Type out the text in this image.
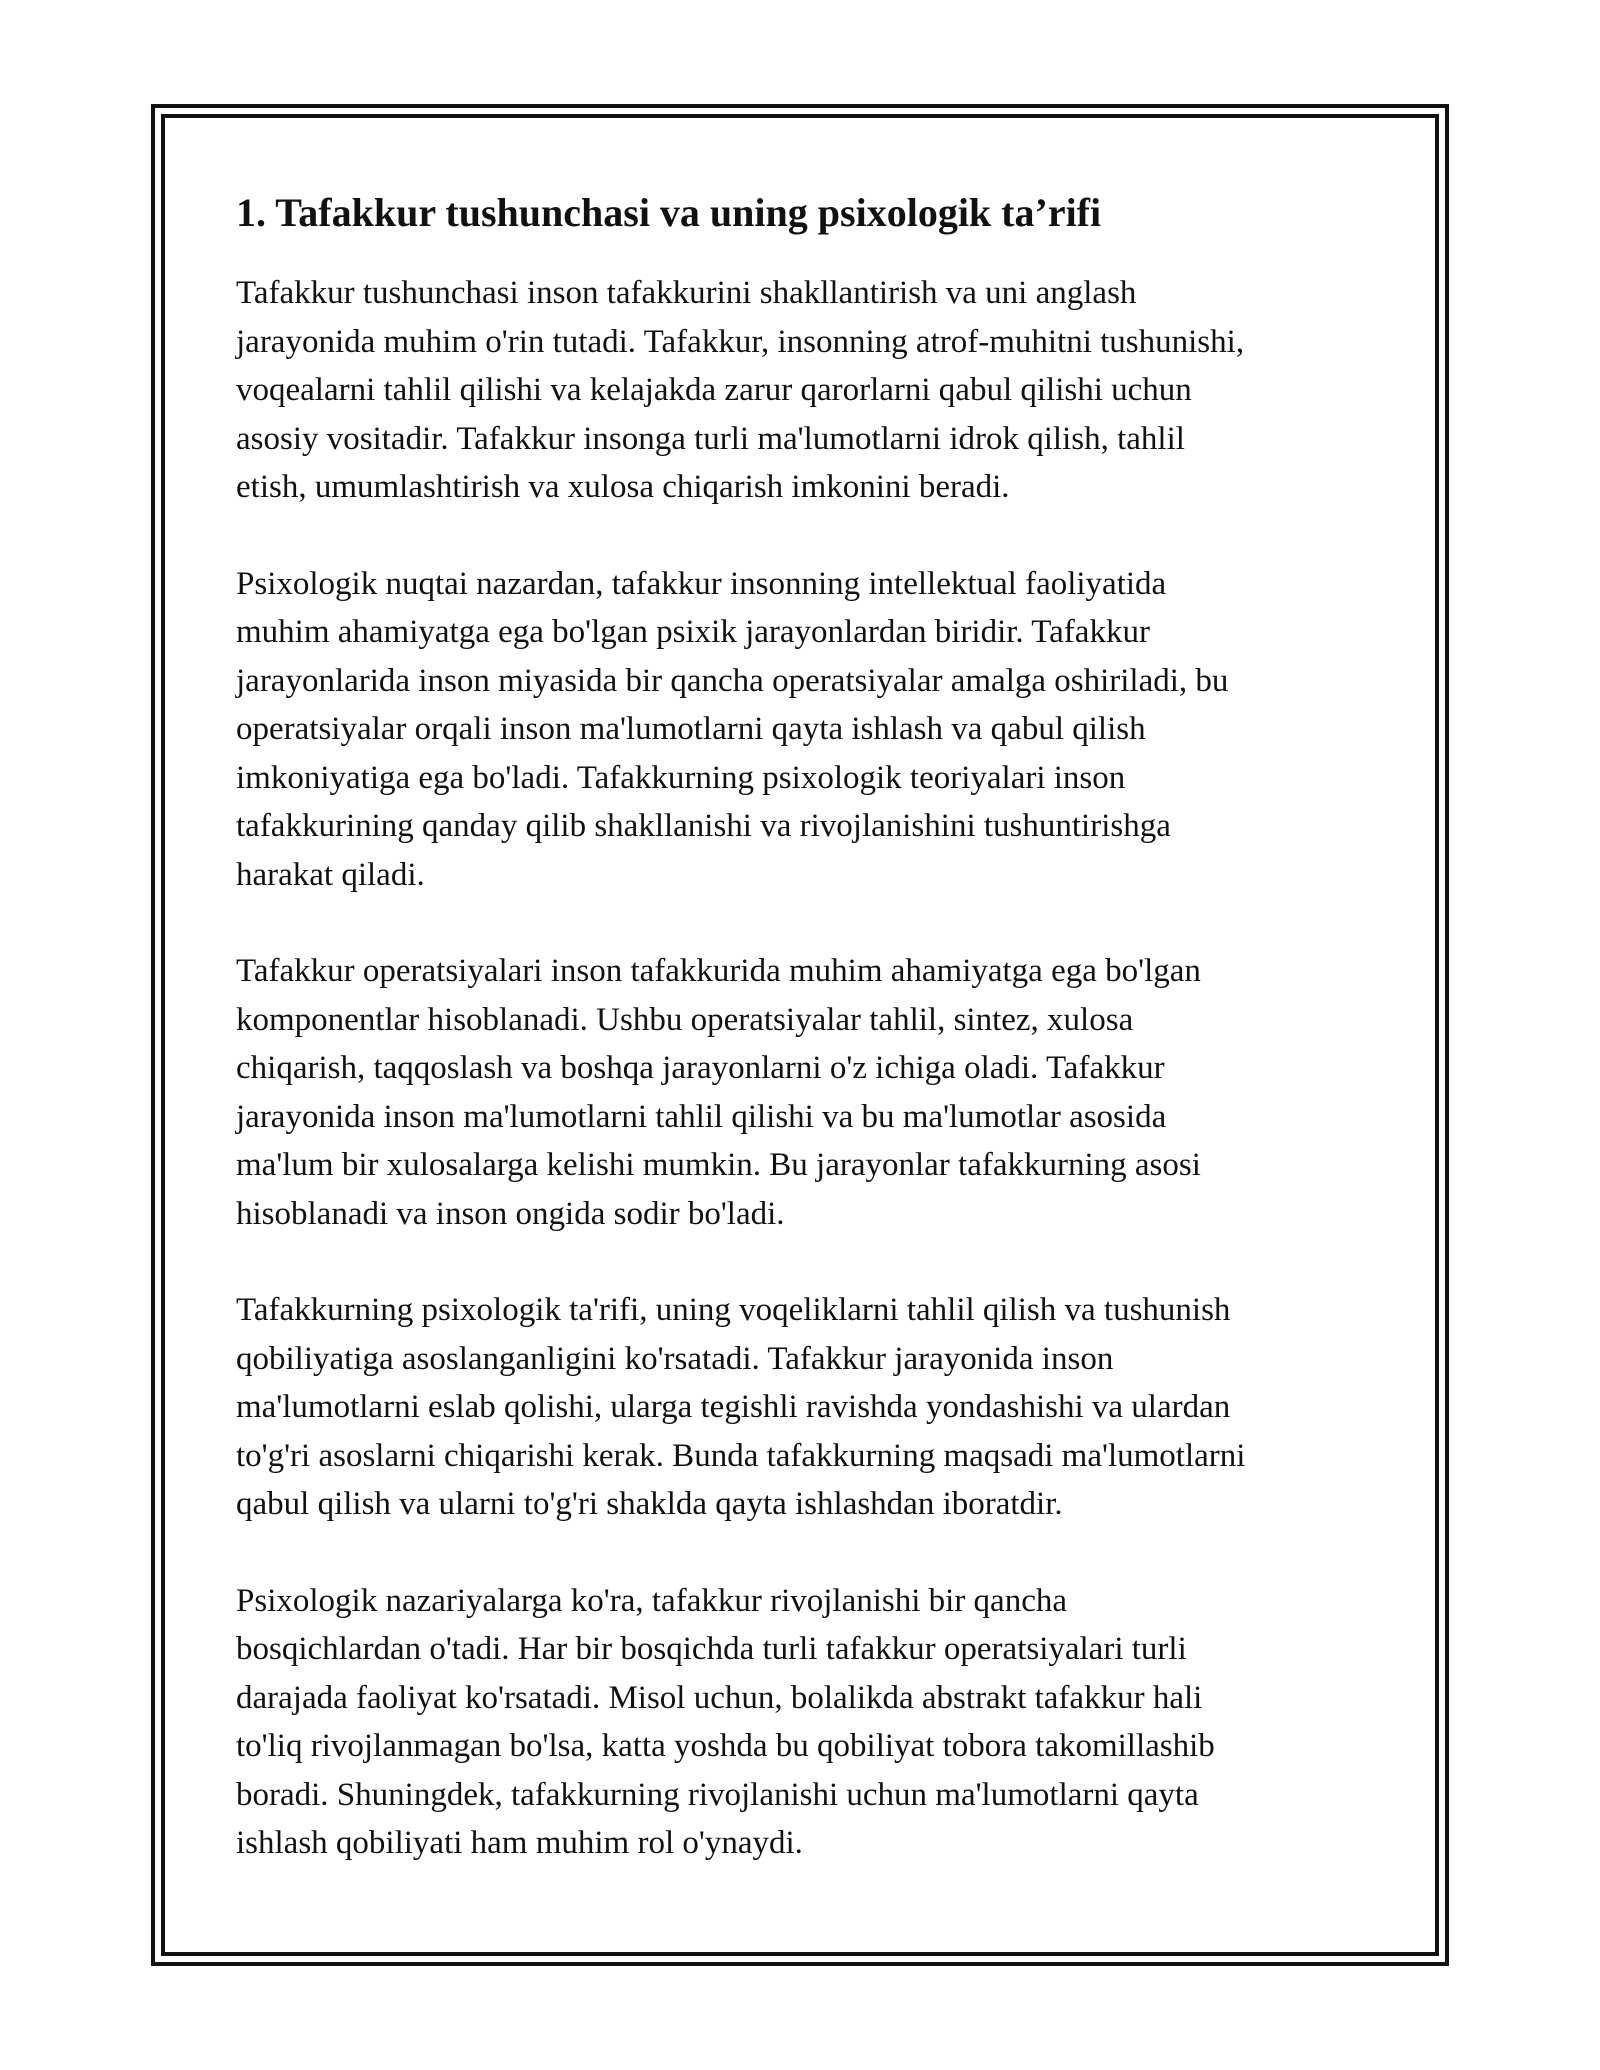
1. Tafakkur tushunchasi va uning psixologik ta’rifi

Tafakkur tushunchasi inson tafakkurini shakllantirish va uni anglash
jarayonida muhim o'rin tutadi. Tafakkur, insonning atrof-muhitni tushunishi,
voqealarni tahlil qilishi va kelajakda zarur qarorlarni qabul qilishi uchun
asosiy vositadir. Tafakkur insonga turli ma'lumotlarni idrok qilish, tahlil
etish, umumlashtirish va xulosa chiqarish imkonini beradi.

Psixologik nuqtai nazardan, tafakkur insonning intellektual faoliyatida
muhim ahamiyatga ega bo'lgan psixik jarayonlardan biridir. Tafakkur
jarayonlarida inson miyasida bir qancha operatsiyalar amalga oshiriladi, bu
operatsiyalar orqali inson ma'lumotlarni qayta ishlash va qabul qilish
imkoniyatiga ega bo'ladi. Tafakkurning psixologik teoriyalari inson
tafakkurining qanday qilib shakllanishi va rivojlanishini tushuntirishga
harakat qiladi.

Tafakkur operatsiyalari inson tafakkurida muhim ahamiyatga ega bo'lgan
komponentlar hisoblanadi. Ushbu operatsiyalar tahlil, sintez, xulosa
chiqarish, taqqoslash va boshqa jarayonlarni o'z ichiga oladi. Tafakkur
jarayonida inson ma'lumotlarni tahlil qilishi va bu ma'lumotlar asosida
ma'lum bir xulosalarga kelishi mumkin. Bu jarayonlar tafakkurning asosi
hisoblanadi va inson ongida sodir bo'ladi.

Tafakkurning psixologik ta'rifi, uning voqeliklarni tahlil qilish va tushunish
qobiliyatiga asoslanganligini ko'rsatadi. Tafakkur jarayonida inson
ma'lumotlarni eslab qolishi, ularga tegishli ravishda yondashishi va ulardan
to'g'ri asoslarni chiqarishi kerak. Bunda tafakkurning maqsadi ma'lumotlarni
qabul qilish va ularni to'g'ri shaklda qayta ishlashdan iboratdir.

Psixologik nazariyalarga ko'ra, tafakkur rivojlanishi bir qancha
bosqichlardan o'tadi. Har bir bosqichda turli tafakkur operatsiyalari turli
darajada faoliyat ko'rsatadi. Misol uchun, bolalikda abstrakt tafakkur hali
to'liq rivojlanmagan bo'lsa, katta yoshda bu qobiliyat tobora takomillashib
boradi. Shuningdek, tafakkurning rivojlanishi uchun ma'lumotlarni qayta
ishlash qobiliyati ham muhim rol o'ynaydi.
